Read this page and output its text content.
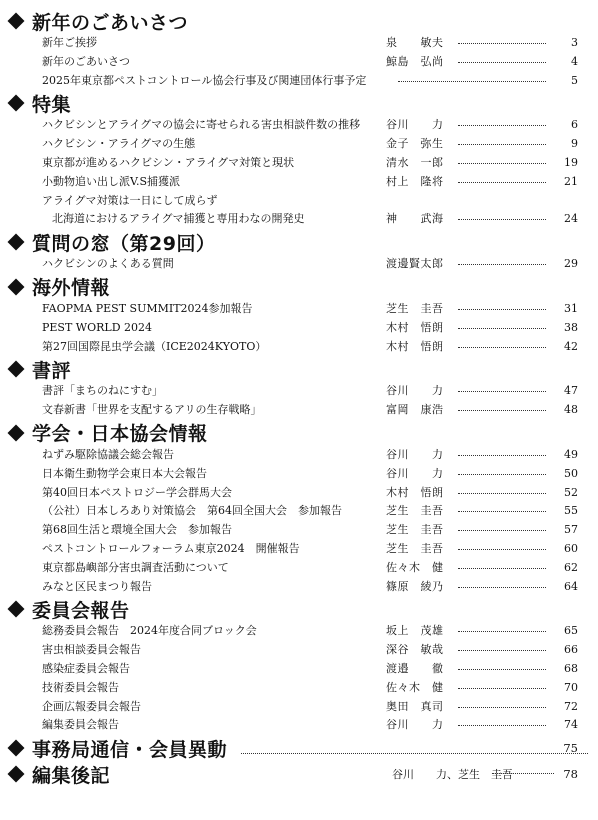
新年のごあいさつ
新年ご挨拶	泉　　敏夫	3
新年のごあいさつ	鯨島　弘尚	4
2025年東京都ペストコントロール協会行事及び関連団体行事予定	5
特集
ハクビシンとアライグマの協会に寄せられる害虫相談件数の推移 谷川　　力	6
ハクビシン・アライグマの生態	金子　弥生	9
東京都が進めるハクビシン・アライグマ対策と現状	清水　一郎	19
小動物追い出し派V.S捕獲派	村上　隆将	21
アライグマ対策は一日にして成らず
北海道におけるアライグマ捕獲と専用わなの開発史	神　　武海	24
質問の窓（第29回）
ハクビシンのよくある質問	渡邊賢太郎	29
海外情報
FAOPMA PEST SUMMIT2024参加報告	芝生　圭吾	31
PEST WORLD 2024	木村　悟朗	38
第27回国際昆虫学会議（ICE2024KYOTO）	木村　悟朗	42
書評
書評「まちのねにすむ」	谷川　　力	47
文春新書「世界を支配するアリの生存戦略」	富岡　康浩	48
学会・日本協会情報
ねずみ駆除協議会総会報告	谷川　　力	49
日本衛生動物学会東日本大会報告	谷川　　力	50
第40回日本ペストロジー学会群馬大会	木村　悟朗	52
（公社）日本しろあり対策協会　第64回全国大会　参加報告	芝生　圭吾	55
第68回生活と環境全国大会　参加報告	芝生　圭吾	57
ペストコントロールフォーラム東京2024　開催報告	芝生　圭吾	60
東京都島嶼部分害虫調査活動について	佐々木　健	62
みなと区民まつり報告	篠原　綾乃	64
委員会報告
総務委員会報告　2024年度合同ブロック会	坂上　茂雄	65
害虫相談委員会報告	深谷　敏哉	66
感染症委員会報告	渡邉　　徹	68
技術委員会報告	佐々木　健	70
企画広報委員会報告	奥田　真司	72
編集委員会報告	谷川　　力	74
事務局通信・会員異動	75
編集後記	谷川　　力、芝生　圭吾	78
